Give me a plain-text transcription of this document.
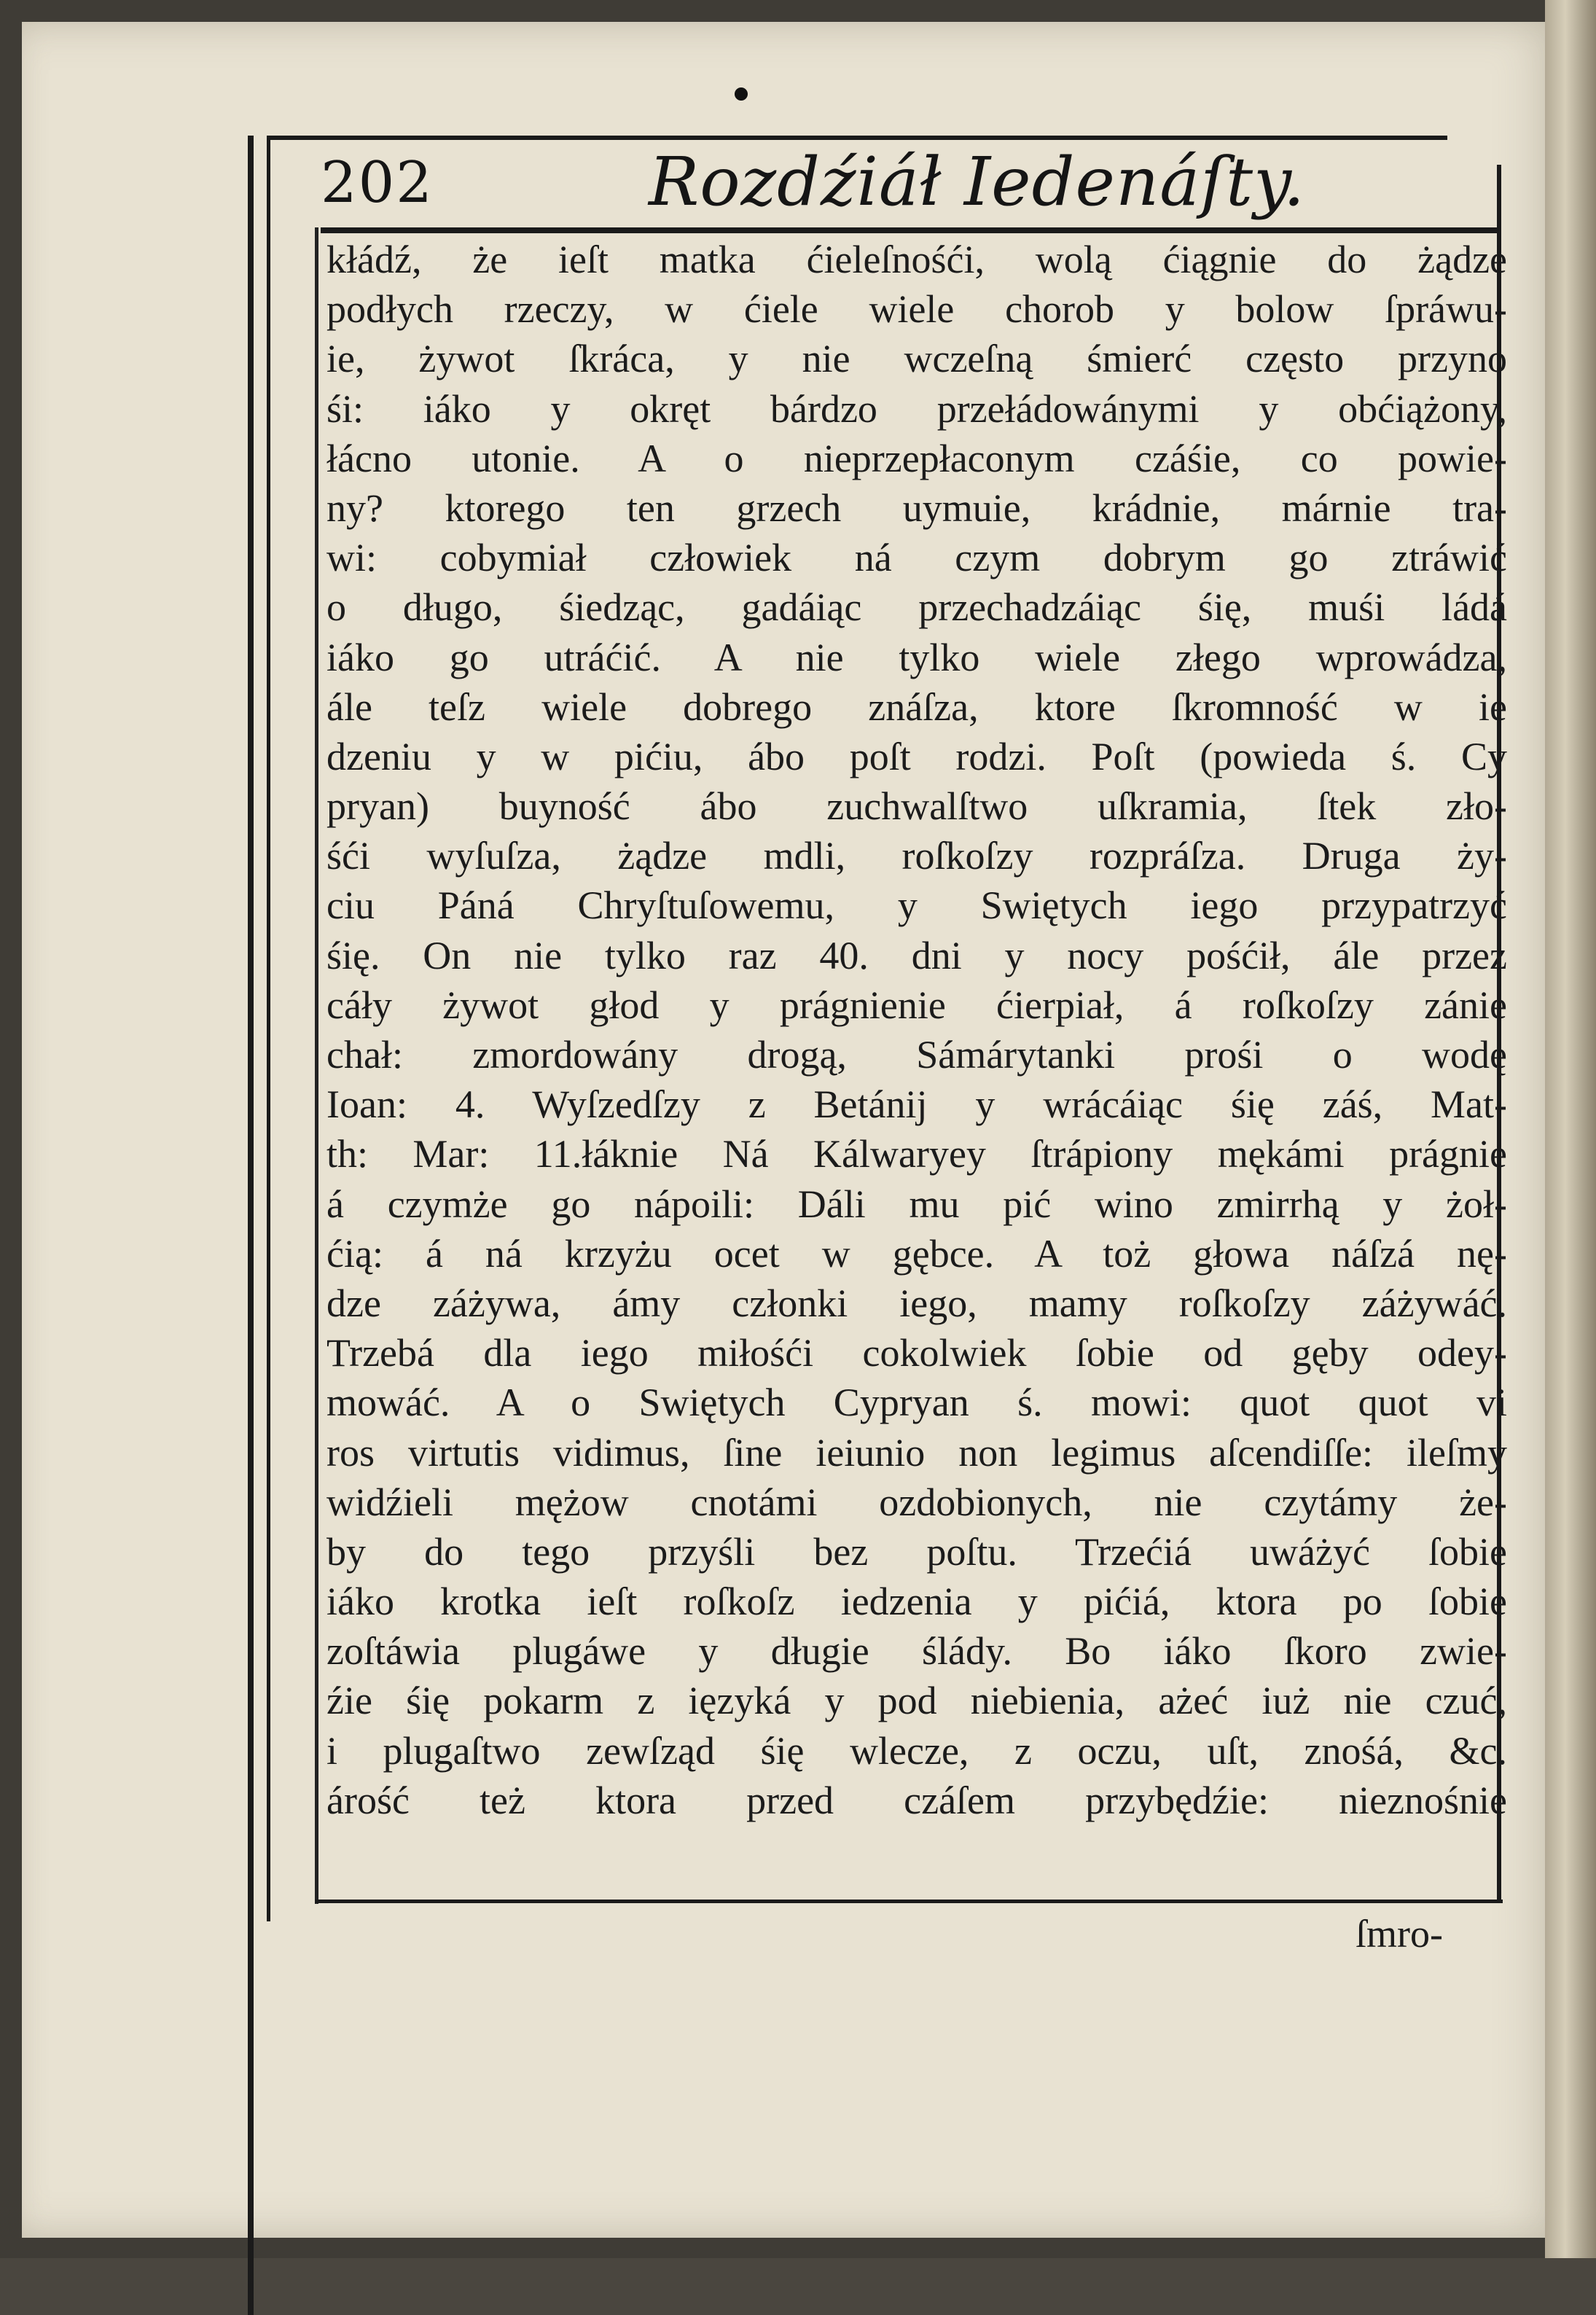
202	Rozdźiáł Iedenáſty.
kłádź, że ieſt matka ćieleſnośći, wolą ćiągnie do żądze
podłych rzeczy, w ćiele wiele chorob y bolow ſpráwu-
ie, żywot ſkráca, y nie wczeſną śmierć często przyno
śi: iáko y okręt bárdzo przełádowánymi y obćiążony,
łácno utonie. A o nieprzepłaconym czáśie, co powie-
ny? ktorego ten grzech uymuie, krádnie, márnie tra-
wi: cobymiał człowiek ná czym dobrym go ztráwić
o długo, śiedząc, gadáiąc przechadzáiąc śię, muśi ládá
iáko go utráćić. A nie tylko wiele złego wprowádza,
ále teſz wiele dobrego znáſza, ktore ſkromność w ie
dzeniu y w pićiu, ábo poſt rodzi. Poſt (powieda ś. Cy
pryan) buyność ábo zuchwalſtwo uſkramia, ſtek zło-
śći wyſuſza, żądze mdli, roſkoſzy rozpráſza. Druga ży-
ciu Páná Chryſtuſowemu, y Swiętych iego przypatrzyć
śię. On nie tylko raz 40. dni y nocy pośćił, ále przez
cáły żywot głod y prágnienie ćierpiał, á roſkoſzy zánie
chał: zmordowány drogą, Sámárytanki prośi o wodę
Ioan: 4. Wyſzedſzy z Betánij y wrácáiąc śię záś, Mat-
th: Mar: 11.łáknie Ná Kálwaryey ſtrápiony mękámi prágnie
á czymże go nápoili: Dáli mu pić wino zmirrhą y żoł-
ćią: á ná krzyżu ocet w gębce. A toż głowa náſzá nę-
dze záżywa, ámy członki iego, mamy roſkoſzy záżywáć.
Trzebá dla iego miłośći cokolwiek ſobie od gęby odey-
mowáć. A o Swiętych Cypryan ś. mowi: quot quot vi
ros virtutis vidimus, ſine ieiunio non legimus aſcendiſſe: ileſmy
widźieli mężow cnotámi ozdobionych, nie czytámy że-
by do tego przyśli bez poſtu. Trzećiá uwáżyć ſobie
iáko krotka ieſt roſkoſz iedzenia y pićiá, ktora po ſobie
zoſtáwia plugáwe y długie ślády. Bo iáko ſkoro zwie-
źie śię pokarm z ięzyká y pod niebienia, ażeć iuż nie czuć,
i plugaſtwo zewſząd śię wlecze, z oczu, uſt, znośá, &c.
árość też ktora przed czáſem przybędźie: nieznośnie
ſmro-
